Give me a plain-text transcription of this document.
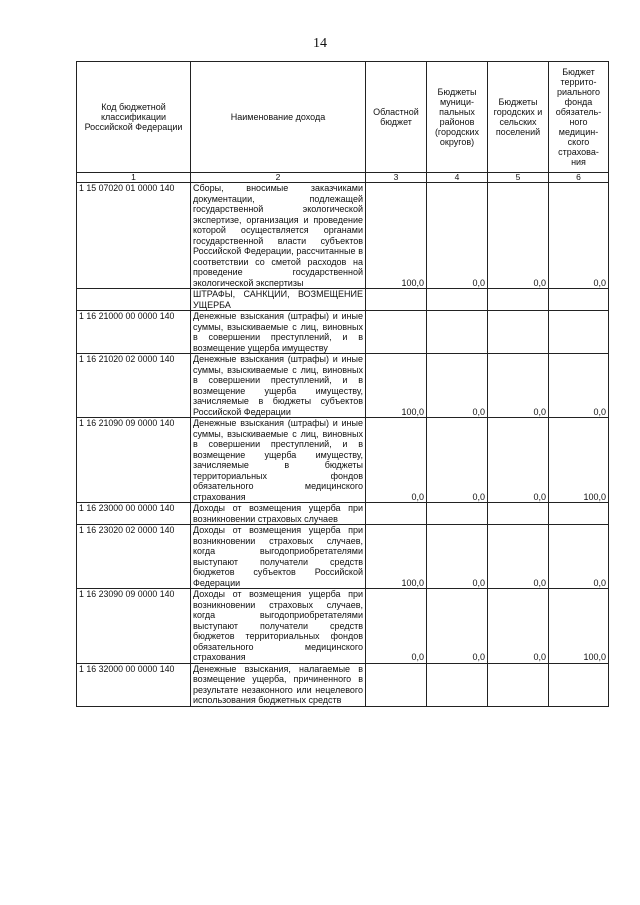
14
Код бюджетной классификации Российской Федерации	Наименование дохода	Областной бюджет	Бюджеты муници-пальных районов (городских округов)	Бюджеты городских и сельских поселений	Бюджет террито-риального фонда обязатель-ного медицин-ского страхова-ния
1	2	3	4	5	6
1 15 07020 01 0000 140	Сборы, вносимые заказчиками документации, подлежащей государственной экологической экспертизе, организация и проведение которой осуществляется органами государственной власти субъектов Российской Федерации, рассчитанные в соответствии со сметой расходов на проведение государственной экологической экспертизы	100,0	0,0	0,0	0,0
	ШТРАФЫ, САНКЦИИ, ВОЗМЕЩЕНИЕ УЩЕРБА				
1 16 21000 00 0000 140	Денежные взыскания (штрафы) и иные суммы, взыскиваемые с лиц, виновных в совершении преступлений, и в возмещение ущерба имуществу				
1 16 21020 02 0000 140	Денежные взыскания (штрафы) и иные суммы, взыскиваемые с лиц, виновных в совершении преступлений, и в возмещение ущерба имуществу, зачисляемые в бюджеты субъектов Российской Федерации	100,0	0,0	0,0	0,0
1 16 21090 09 0000 140	Денежные взыскания (штрафы) и иные суммы, взыскиваемые с лиц, виновных в совершении преступлений, и в возмещение ущерба имуществу, зачисляемые в бюджеты территориальных фондов обязательного медицинского страхования	0,0	0,0	0,0	100,0
1 16 23000 00 0000 140	Доходы от возмещения ущерба при возникновении страховых случаев				
1 16 23020 02 0000 140	Доходы от возмещения ущерба при возникновении страховых случаев, когда выгодоприобретателями выступают получатели средств бюджетов субъектов Российской Федерации	100,0	0,0	0,0	0,0
1 16 23090 09 0000 140	Доходы от возмещения ущерба при возникновении страховых случаев, когда выгодоприобретателями выступают получатели средств бюджетов территориальных фондов обязательного медицинского страхования	0,0	0,0	0,0	100,0
1 16 32000 00 0000 140	Денежные взыскания, налагаемые в возмещение ущерба, причиненного в результате незаконного или нецелевого использования бюджетных средств				
